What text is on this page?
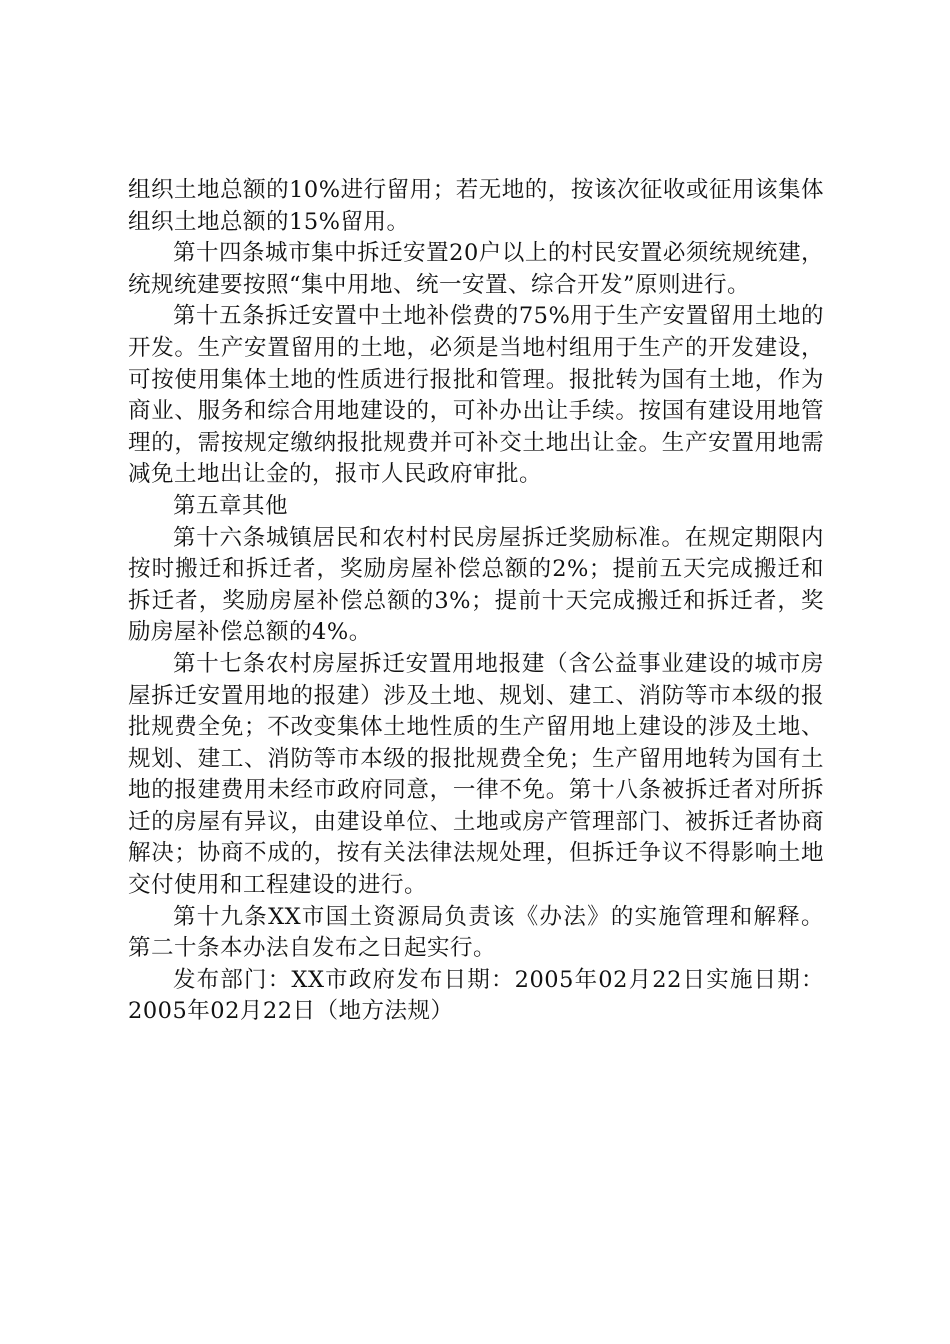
组织土地总额的10%进行留用；若无地的，按该次征收或征用该集体组织土地总额的15%留用。

第十四条城市集中拆迁安置20户以上的村民安置必须统规统建，统规统建要按照“集中用地、统一安置、综合开发”原则进行。

第十五条拆迁安置中土地补偿费的75%用于生产安置留用土地的开发。生产安置留用的土地，必须是当地村组用于生产的开发建设，可按使用集体土地的性质进行报批和管理。报批转为国有土地，作为商业、服务和综合用地建设的，可补办出让手续。按国有建设用地管理的，需按规定缴纳报批规费并可补交土地出让金。生产安置用地需减免土地出让金的，报市人民政府审批。

第五章其他

第十六条城镇居民和农村村民房屋拆迁奖励标准。在规定期限内按时搬迁和拆迁者，奖励房屋补偿总额的2%；提前五天完成搬迁和拆迁者，奖励房屋补偿总额的3%；提前十天完成搬迁和拆迁者，奖励房屋补偿总额的4%。

第十七条农村房屋拆迁安置用地报建（含公益事业建设的城市房屋拆迁安置用地的报建）涉及土地、规划、建工、消防等市本级的报批规费全免；不改变集体土地性质的生产留用地上建设的涉及土地、规划、建工、消防等市本级的报批规费全免；生产留用地转为国有土地的报建费用未经市政府同意，一律不免。第十八条被拆迁者对所拆迁的房屋有异议，由建设单位、土地或房产管理部门、被拆迁者协商解决；协商不成的，按有关法律法规处理，但拆迁争议不得影响土地交付使用和工程建设的进行。

第十九条XX市国土资源局负责该《办法》的实施管理和解释。第二十条本办法自发布之日起实行。

发布部门：XX市政府发布日期：2005年02月22日实施日期：2005年02月22日（地方法规）
